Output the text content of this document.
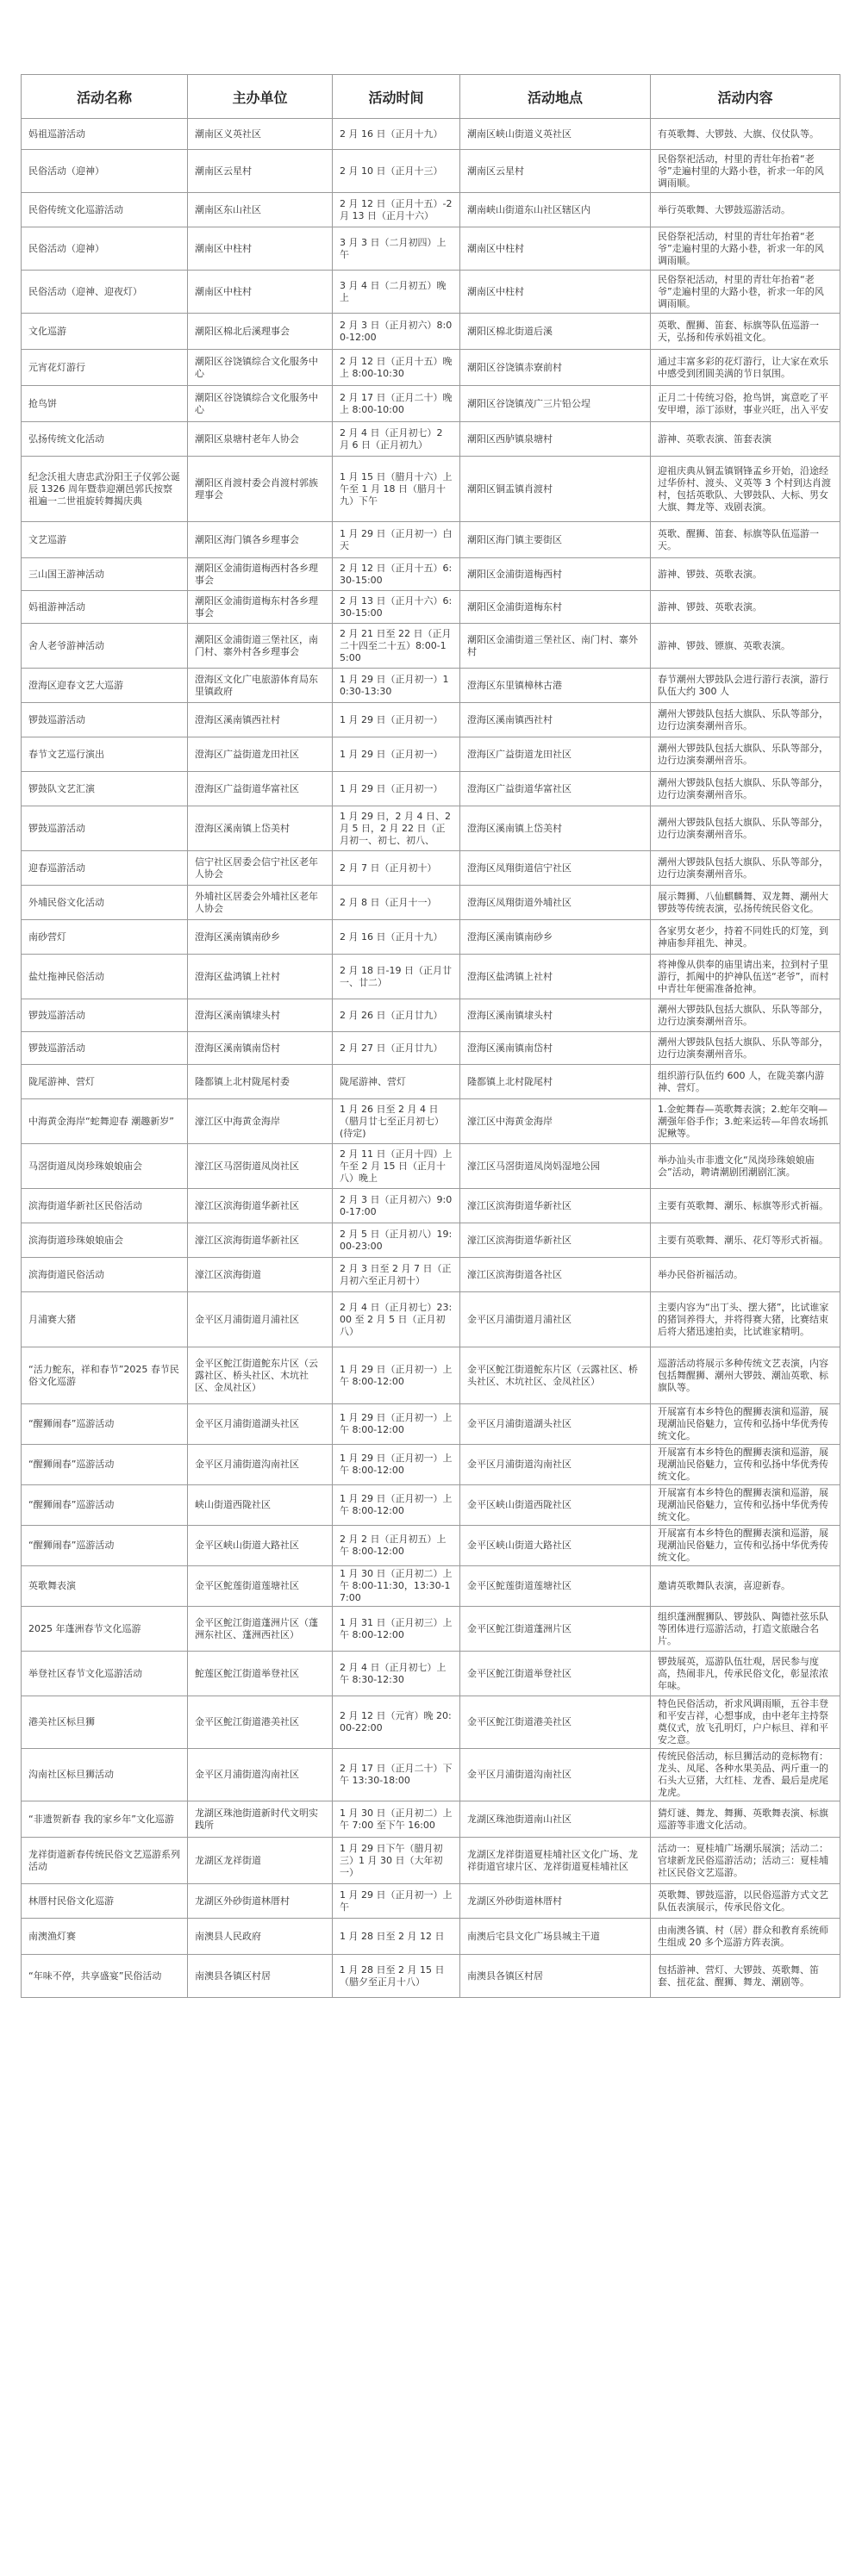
活动名称	主办单位	活动时间	活动地点	活动内容
妈祖巡游活动	潮南区义英社区	2 月 16 日（正月十九）	潮南区峡山街道义英社区	有英歌舞、大锣鼓、大旗、仪仗队等。
民俗活动（迎神）	潮南区云星村	2 月 10 日（正月十三）	潮南区云星村	民俗祭祀活动，村里的青壮年抬着“老爷”走遍村里的大路小巷，祈求一年的风调雨顺。
民俗传统文化巡游活动	潮南区东山社区	2 月 12 日（正月十五）-2 月 13 日（正月十六）	潮南峡山街道东山社区辖区内	举行英歌舞、大锣鼓巡游活动。
民俗活动（迎神）	潮南区中柱村	3 月 3 日（二月初四）上午	潮南区中柱村	民俗祭祀活动，村里的青壮年抬着“老爷”走遍村里的大路小巷，祈求一年的风调雨顺。
民俗活动（迎神、迎夜灯）	潮南区中柱村	3 月 4 日（二月初五）晚上	潮南区中柱村	民俗祭祀活动，村里的青壮年抬着“老爷”走遍村里的大路小巷，祈求一年的风调雨顺。
文化巡游	潮阳区棉北后溪理事会	2 月 3 日（正月初六）8:00-12:00	潮阳区棉北街道后溪	英歌、醒狮、笛套、标旗等队伍巡游一天，弘扬和传承妈祖文化。
元宵花灯游行	潮阳区谷饶镇综合文化服务中心	2 月 12 日（正月十五）晚上 8:00-10:30	潮阳区谷饶镇赤寮前村	通过丰富多彩的花灯游行，让大家在欢乐中感受到团圆美满的节日氛围。
抢鸟饼	潮阳区谷饶镇综合文化服务中心	2 月 17 日（正月二十）晚上 8:00-10:00	潮阳区谷饶镇茂广三片铅公埕	正月二十传统习俗，抢鸟饼，寓意吃了平安甲增，添丁添财，事业兴旺，出入平安
弘扬传统文化活动	潮阳区泉塘村老年人协会	2 月 4 日（正月初七）2 月 6 日（正月初九）	潮阳区西胪镇泉塘村	游神、英歌表演、笛套表演
纪念沃祖大唐忠武汾阳王子仪郭公诞辰 1326 周年暨恭迎潮邑郭氏按察祖遍一二世祖旋转舞揭庆典	潮阳区肖渡村委会肖渡村郭族理事会	1 月 15 日（腊月十六）上午至 1 月 18 日（腊月十九）下午	潮阳区铜盂镇肖渡村	迎祖庆典从铜盂镇钢锋孟乡开始，沿途经过华侨村、渡头、义英等 3 个村到达肖渡村，包括英歌队、大锣鼓队、大标、男女大旗、舞龙等、戏剧表演。
文艺巡游	潮阳区海门镇各乡理事会	1 月 29 日（正月初一）白天	潮阳区海门镇主要街区	英歌、醒狮、笛套、标旗等队伍巡游一天。
三山国王游神活动	潮阳区金浦街道梅西村各乡理事会	2 月 12 日（正月十五）6:30-15:00	潮阳区金浦街道梅西村	游神、锣鼓、英歌表演。
妈祖游神活动	潮阳区金浦街道梅东村各乡理事会	2 月 13 日（正月十六）6:30-15:00	潮阳区金浦街道梅东村	游神、锣鼓、英歌表演。
舍人老爷游神活动	潮阳区金浦街道三堡社区，南门村、寨外村各乡理事会	2 月 21 日至 22 日（正月二十四至二十五）8:00-15:00	潮阳区金浦街道三堡社区、南门村、寨外村	游神、锣鼓、镖旗、英歌表演。
澄海区迎春文艺大巡游	澄海区文化广电旅游体育局东里镇政府	1 月 29 日（正月初一）10:30-13:30	澄海区东里镇樟林古港	春节潮州大锣鼓队会进行游行表演，游行队伍大约 300 人
锣鼓巡游活动	澄海区溪南镇西社村	1 月 29 日（正月初一）	澄海区溪南镇西社村	潮州大锣鼓队包括大旗队、乐队等部分，边行边演奏潮州音乐。
春节文艺巡行演出	澄海区广益街道龙田社区	1 月 29 日（正月初一）	澄海区广益街道龙田社区	潮州大锣鼓队包括大旗队、乐队等部分，边行边演奏潮州音乐。
锣鼓队文艺汇演	澄海区广益街道华富社区	1 月 29 日（正月初一）	澄海区广益街道华富社区	潮州大锣鼓队包括大旗队、乐队等部分，边行边演奏潮州音乐。
锣鼓巡游活动	澄海区溪南镇上岱美村	1 月 29 日，2 月 4 日、2 月 5 日，2 月 22 日（正月初一、初七、初八、	澄海区溪南镇上岱美村	潮州大锣鼓队包括大旗队、乐队等部分，边行边演奏潮州音乐。
迎春巡游活动	信宁社区居委会信宁社区老年人协会	2 月 7 日（正月初十）	澄海区凤翔街道信宁社区	潮州大锣鼓队包括大旗队、乐队等部分，边行边演奏潮州音乐。
外埔民俗文化活动	外埔社区居委会外埔社区老年人协会	2 月 8 日（正月十一）	澄海区凤翔街道外埔社区	展示舞狮、八仙麒麟舞、双龙舞、潮州大锣鼓等传统表演，弘扬传统民俗文化。
南砂营灯	澄海区溪南镇南砂乡	2 月 16 日（正月十九）	澄海区溪南镇南砂乡	各家男女老少，持着不同姓氏的灯笼，到神庙参拜祖先、神灵。
盐灶拖神民俗活动	澄海区盐鸿镇上社村	2 月 18 日-19 日（正月廿一、廿二）	澄海区盐鸿镇上社村	将神像从供奉的庙里请出来，拉到村子里游行，抓阄中的护神队伍送“老爷”，而村中青壮年便需准备抢神。
锣鼓巡游活动	澄海区溪南镇埭头村	2 月 26 日（正月廿九）	澄海区溪南镇埭头村	潮州大锣鼓队包括大旗队、乐队等部分，边行边演奏潮州音乐。
锣鼓巡游活动	澄海区溪南镇南岱村	2 月 27 日（正月廿九）	澄海区溪南镇南岱村	潮州大锣鼓队包括大旗队、乐队等部分，边行边演奏潮州音乐。
陇尾游神、营灯	隆都镇上北村陇尾村委	陇尾游神、营灯	隆都镇上北村陇尾村	组织游行队伍约 600 人，在陇美寨内游神、营灯。
中海黄金海岸“蛇舞迎春 潮趣新岁”	濠江区中海黄金海岸	1 月 26 日至 2 月 4 日（腊月廿七至正月初七）(待定)	濠江区中海黄金海岸	1.金蛇舞春—英歌舞表演；2.蛇年交响—潮强年俗手作；3.蛇来运转—年兽农场抓泥鳅等。
马滘街道凤岗珍珠娘娘庙会	濠江区马滘街道凤岗社区	2 月 11 日（正月十四）上午至 2 月 15 日（正月十八）晚上	濠江区马滘街道凤岗妈湿地公园	举办汕头市非遗文化“凤岗珍珠娘娘庙会”活动，聘请潮剧团潮剧汇演。
滨海街道华新社区民俗活动	濠江区滨海街道华新社区	2 月 3 日（正月初六）9:00-17:00	濠江区滨海街道华新社区	主要有英歌舞、潮乐、标旗等形式祈福。
滨海街道珍珠娘娘庙会	濠江区滨海街道华新社区	2 月 5 日（正月初八）19:00-23:00	濠江区滨海街道华新社区	主要有英歌舞、潮乐、花灯等形式祈福。
滨海街道民俗活动	濠江区滨海街道	2 月 3 日至 2 月 7 日（正月初六至正月初十）	濠江区滨海街道各社区	举办民俗祈福活动。
月浦赛大猪	金平区月浦街道月浦社区	2 月 4 日（正月初七）23:00 至 2 月 5 日（正月初八）	金平区月浦街道月浦社区	主要内容为“出丁头、摆大猪”，比试谁家的猪饲养得大，并将得赛大猪，比赛结束后将大猪迅速拍卖，比试谁家精明。
“活力鮀东，祥和春节”2025 春节民俗文化巡游	金平区鮀江街道鮀东片区（云露社区、桥头社区、木坑社区、金凤社区）	1 月 29 日（正月初一）上午 8:00-12:00	金平区鮀江街道鮀东片区（云露社区、桥头社区、木坑社区、金凤社区）	巡游活动将展示多种传统文艺表演，内容包括舞醒狮、潮州大锣鼓、潮汕英歌、标旗队等。
“醒狮闹春”巡游活动	金平区月浦街道湖头社区	1 月 29 日（正月初一）上午 8:00-12:00	金平区月浦街道湖头社区	开展富有本乡特色的醒狮表演和巡游，展现潮汕民俗魅力，宣传和弘扬中华优秀传统文化。
“醒狮闹春”巡游活动	金平区月浦街道沟南社区	1 月 29 日（正月初一）上午 8:00-12:00	金平区月浦街道沟南社区	开展富有本乡特色的醒狮表演和巡游，展现潮汕民俗魅力，宣传和弘扬中华优秀传统文化。
“醒狮闹春”巡游活动	峡山街道西陇社区	1 月 29 日（正月初一）上午 8:00-12:00	金平区峡山街道西陇社区	开展富有本乡特色的醒狮表演和巡游，展现潮汕民俗魅力，宣传和弘扬中华优秀传统文化。
“醒狮闹春”巡游活动	金平区峡山街道大路社区	2 月 2 日（正月初五）上午 8:00-12:00	金平区峡山街道大路社区	开展富有本乡特色的醒狮表演和巡游，展现潮汕民俗魅力，宣传和弘扬中华优秀传统文化。
英歌舞表演	金平区鮀莲街道莲塘社区	1 月 30 日（正月初二）上午 8:00-11:30，13:30-17:00	金平区鮀莲街道莲塘社区	邀请英歌舞队表演，喜迎新春。
2025 年蓬洲春节文化巡游	金平区鮀江街道蓬洲片区（蓬洲东社区、蓬洲西社区）	1 月 31 日（正月初三）上午 8:00-12:00	金平区鮀江街道蓬洲片区	组织蓬洲醒狮队、锣鼓队、陶德社弦乐队等团体进行巡游活动，打造文旅融合名片。
举登社区春节文化巡游活动	鮀莲区鮀江街道举登社区	2 月 4 日（正月初七）上午 8:30-12:30	金平区鮀江街道举登社区	锣鼓展英，巡游队伍壮观，居民参与度高，热闹非凡，传承民俗文化，彰显浓浓年味。
港美社区标旦狮	金平区鮀江街道港美社区	2 月 12 日（元宵）晚 20:00-22:00	金平区鮀江街道港美社区	特色民俗活动，祈求风调雨顺，五谷丰登和平安吉祥，心想事成，由中老年主持祭奠仪式，放飞孔明灯，户户标旦、祥和平安之意。
沟南社区标旦狮活动	金平区月浦街道沟南社区	2 月 17 日（正月二十）下午 13:30-18:00	金平区月浦街道沟南社区	传统民俗活动，标旦狮活动的竞标物有：龙头、凤尾、各种水果美品、两斤重一的石头大豆猪，大红桂、龙香、最后是虎尾龙虎。
“非遗贺新春 我的家乡年”文化巡游	龙湖区珠池街道新时代文明实践所	1 月 30 日（正月初二）上午 7:00 至下午 16:00	龙湖区珠池街道南山社区	猜灯谜、舞龙、舞狮、英歌舞表演、标旗巡游等非遗文化活动。
龙祥街道新春传统民俗文艺巡游系列活动	龙湖区龙祥街道	1 月 29 日下午（腊月初三）1 月 30 日（大年初一）	龙湖区龙祥街道夏桂埔社区文化广场、龙祥街道官埭片区、龙祥街道夏桂埔社区	活动一：夏桂埔广场潮乐展演；活动二：官埭新龙民俗巡游活动；活动三：夏桂埔社区民俗文艺巡游。
林厝村民俗文化巡游	龙湖区外砂街道林厝村	1 月 29 日（正月初一）上午	龙湖区外砂街道林厝村	英歌舞、锣鼓巡游，以民俗巡游方式文艺队伍表演展示，传承民俗文化。
南澳渔灯赛	南澳县人民政府	1 月 28 日至 2 月 12 日	南澳后宅县文化广场县城主干道	由南澳各镇、村（居）群众和教育系统师生组成 20 多个巡游方阵表演。
“年味不停，共享盛宴”民俗活动	南澳县各镇区村居	1 月 28 日至 2 月 15 日（腊夕至正月十八）	南澳县各镇区村居	包括游神、营灯、大锣鼓、英歌舞、笛套、扭花盆、醒狮、舞龙、潮剧等。
